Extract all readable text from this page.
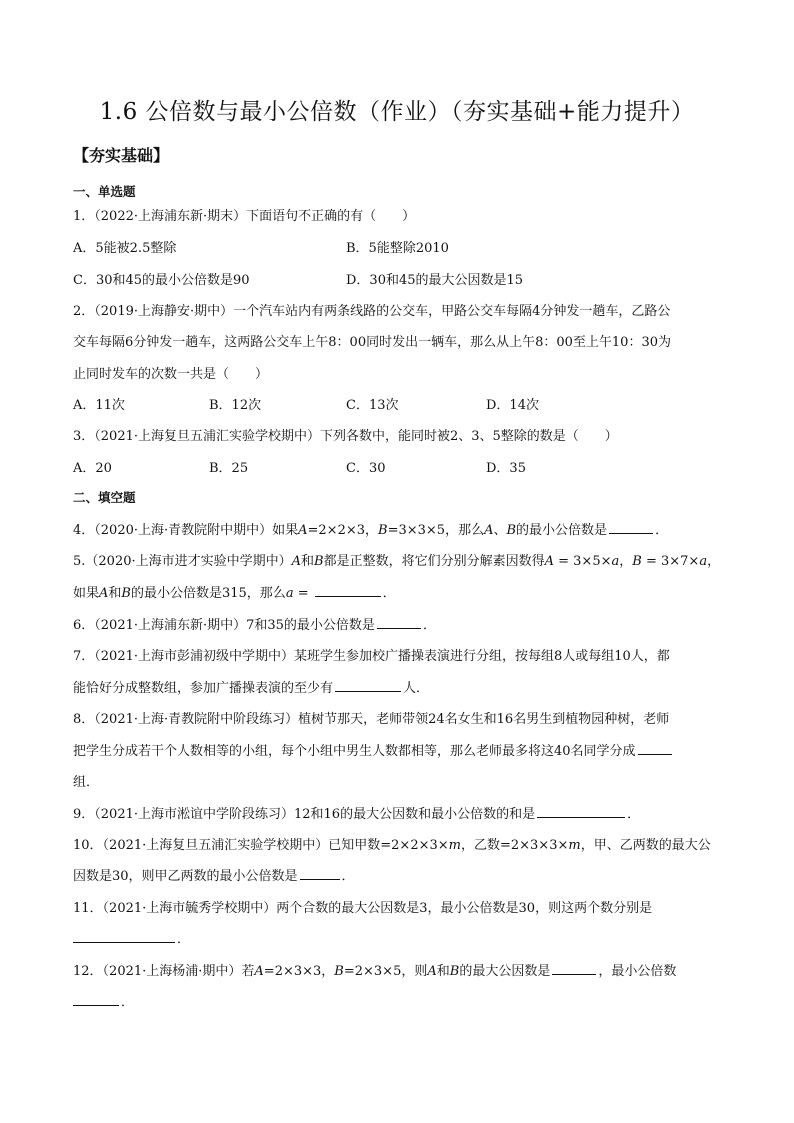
1.6 公倍数与最小公倍数（作业）（夯实基础+能力提升）
【夯实基础】
一、单选题
1．（2022·上海浦东新·期末）下面语句不正确的有（　　）
A．5能被2.5整除	B．5能整除2010
C．30和45的最小公倍数是90	D．30和45的最大公因数是15
2．（2019·上海静安·期中）一个汽车站内有两条线路的公交车，甲路公交车每隔4分钟发一趟车，乙路公
交车每隔6分钟发一趟车，这两路公交车上午8：00同时发出一辆车，那么从上午8：00至上午10：30为
止同时发车的次数一共是（　　）
A．11次	B．12次	C．13次	D．14次
3．（2021·上海复旦五浦汇实验学校期中）下列各数中，能同时被2、3、5整除的数是（　　）
A．20	B．25	C．30	D．35
二、填空题
4．（2020·上海·青教院附中期中）如果A=2×2×3，B=3×3×5，那么A、B的最小公倍数是	．
5.（2020·上海市进才实验中学期中）A和B都是正整数，将它们分别分解素因数得A = 3×5×a，B = 3×7×a，
如果A和B的最小公倍数是315，那么a =	．
6．（2021·上海浦东新·期中）7和35的最小公倍数是	．
7．（2021·上海市彭浦初级中学期中）某班学生参加校广播操表演进行分组，按每组8人或每组10人，都
能恰好分成整数组，参加广播操表演的至少有	人．
8．（2021·上海·青教院附中阶段练习）植树节那天，老师带领24名女生和16名男生到植物园种树，老师
把学生分成若干个人数相等的小组，每个小组中男生人数都相等，那么老师最多将这40名同学分成
组．
9．（2021·上海市淞谊中学阶段练习）12和16的最大公因数和最小公倍数的和是	．
10．（2021·上海复旦五浦汇实验学校期中）已知甲数=2×2×3×m，乙数=2×3×3×m，甲、乙两数的最大公
因数是30，则甲乙两数的最小公倍数是	．
11．（2021·上海市毓秀学校期中）两个合数的最大公因数是3，最小公倍数是30，则这两个数分别是
．
12．（2021·上海杨浦·期中）若A=2×3×3，B=2×3×5，则A和B的最大公因数是	，最小公倍数
．
